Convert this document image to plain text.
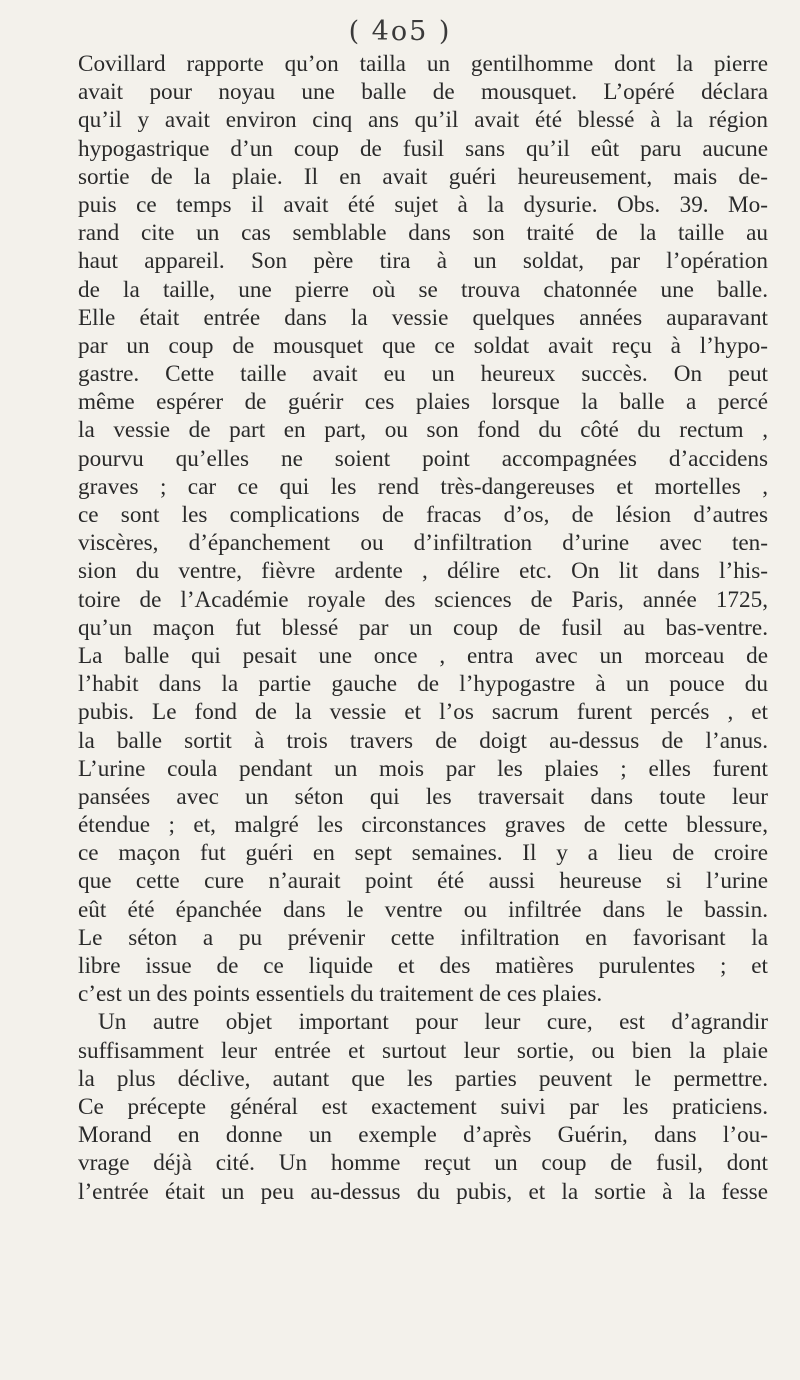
( 4o5 )
Covillard rapporte qu’on tailla un gentilhomme dont la pierre
avait pour noyau une balle de mousquet. L’opéré déclara
qu’il y avait environ cinq ans qu’il avait été blessé à la région
hypogastrique d’un coup de fusil sans qu’il eût paru aucune
sortie de la plaie. Il en avait guéri heureusement, mais de-
puis ce temps il avait été sujet à la dysurie. Obs. 39. Mo-
rand cite un cas semblable dans son traité de la taille au
haut appareil. Son père tira à un soldat, par l’opération
de la taille, une pierre où se trouva chatonnée une balle.
Elle était entrée dans la vessie quelques années auparavant
par un coup de mousquet que ce soldat avait reçu à l’hypo-
gastre. Cette taille avait eu un heureux succès. On peut
même espérer de guérir ces plaies lorsque la balle a percé
la vessie de part en part, ou son fond du côté du rectum ,
pourvu qu’elles ne soient point accompagnées d’accidens
graves ; car ce qui les rend très-dangereuses et mortelles ,
ce sont les complications de fracas d’os, de lésion d’autres
viscères, d’épanchement ou d’infiltration d’urine avec ten-
sion du ventre, fièvre ardente , délire etc. On lit dans l’his-
toire de l’Académie royale des sciences de Paris, année 1725,
qu’un maçon fut blessé par un coup de fusil au bas-ventre.
La balle qui pesait une once , entra avec un morceau de
l’habit dans la partie gauche de l’hypogastre à un pouce du
pubis. Le fond de la vessie et l’os sacrum furent percés , et
la balle sortit à trois travers de doigt au-dessus de l’anus.
L’urine coula pendant un mois par les plaies ; elles furent
pansées avec un séton qui les traversait dans toute leur
étendue ; et, malgré les circonstances graves de cette blessure,
ce maçon fut guéri en sept semaines. Il y a lieu de croire
que cette cure n’aurait point été aussi heureuse si l’urine
eût été épanchée dans le ventre ou infiltrée dans le bassin.
Le séton a pu prévenir cette infiltration en favorisant la
libre issue de ce liquide et des matières purulentes ; et
c’est un des points essentiels du traitement de ces plaies.
Un autre objet important pour leur cure, est d’agrandir
suffisamment leur entrée et surtout leur sortie, ou bien la plaie
la plus déclive, autant que les parties peuvent le permettre.
Ce précepte général est exactement suivi par les praticiens.
Morand en donne un exemple d’après Guérin, dans l’ou-
vrage déjà cité. Un homme reçut un coup de fusil, dont
l’entrée était un peu au-dessus du pubis, et la sortie à la fesse
